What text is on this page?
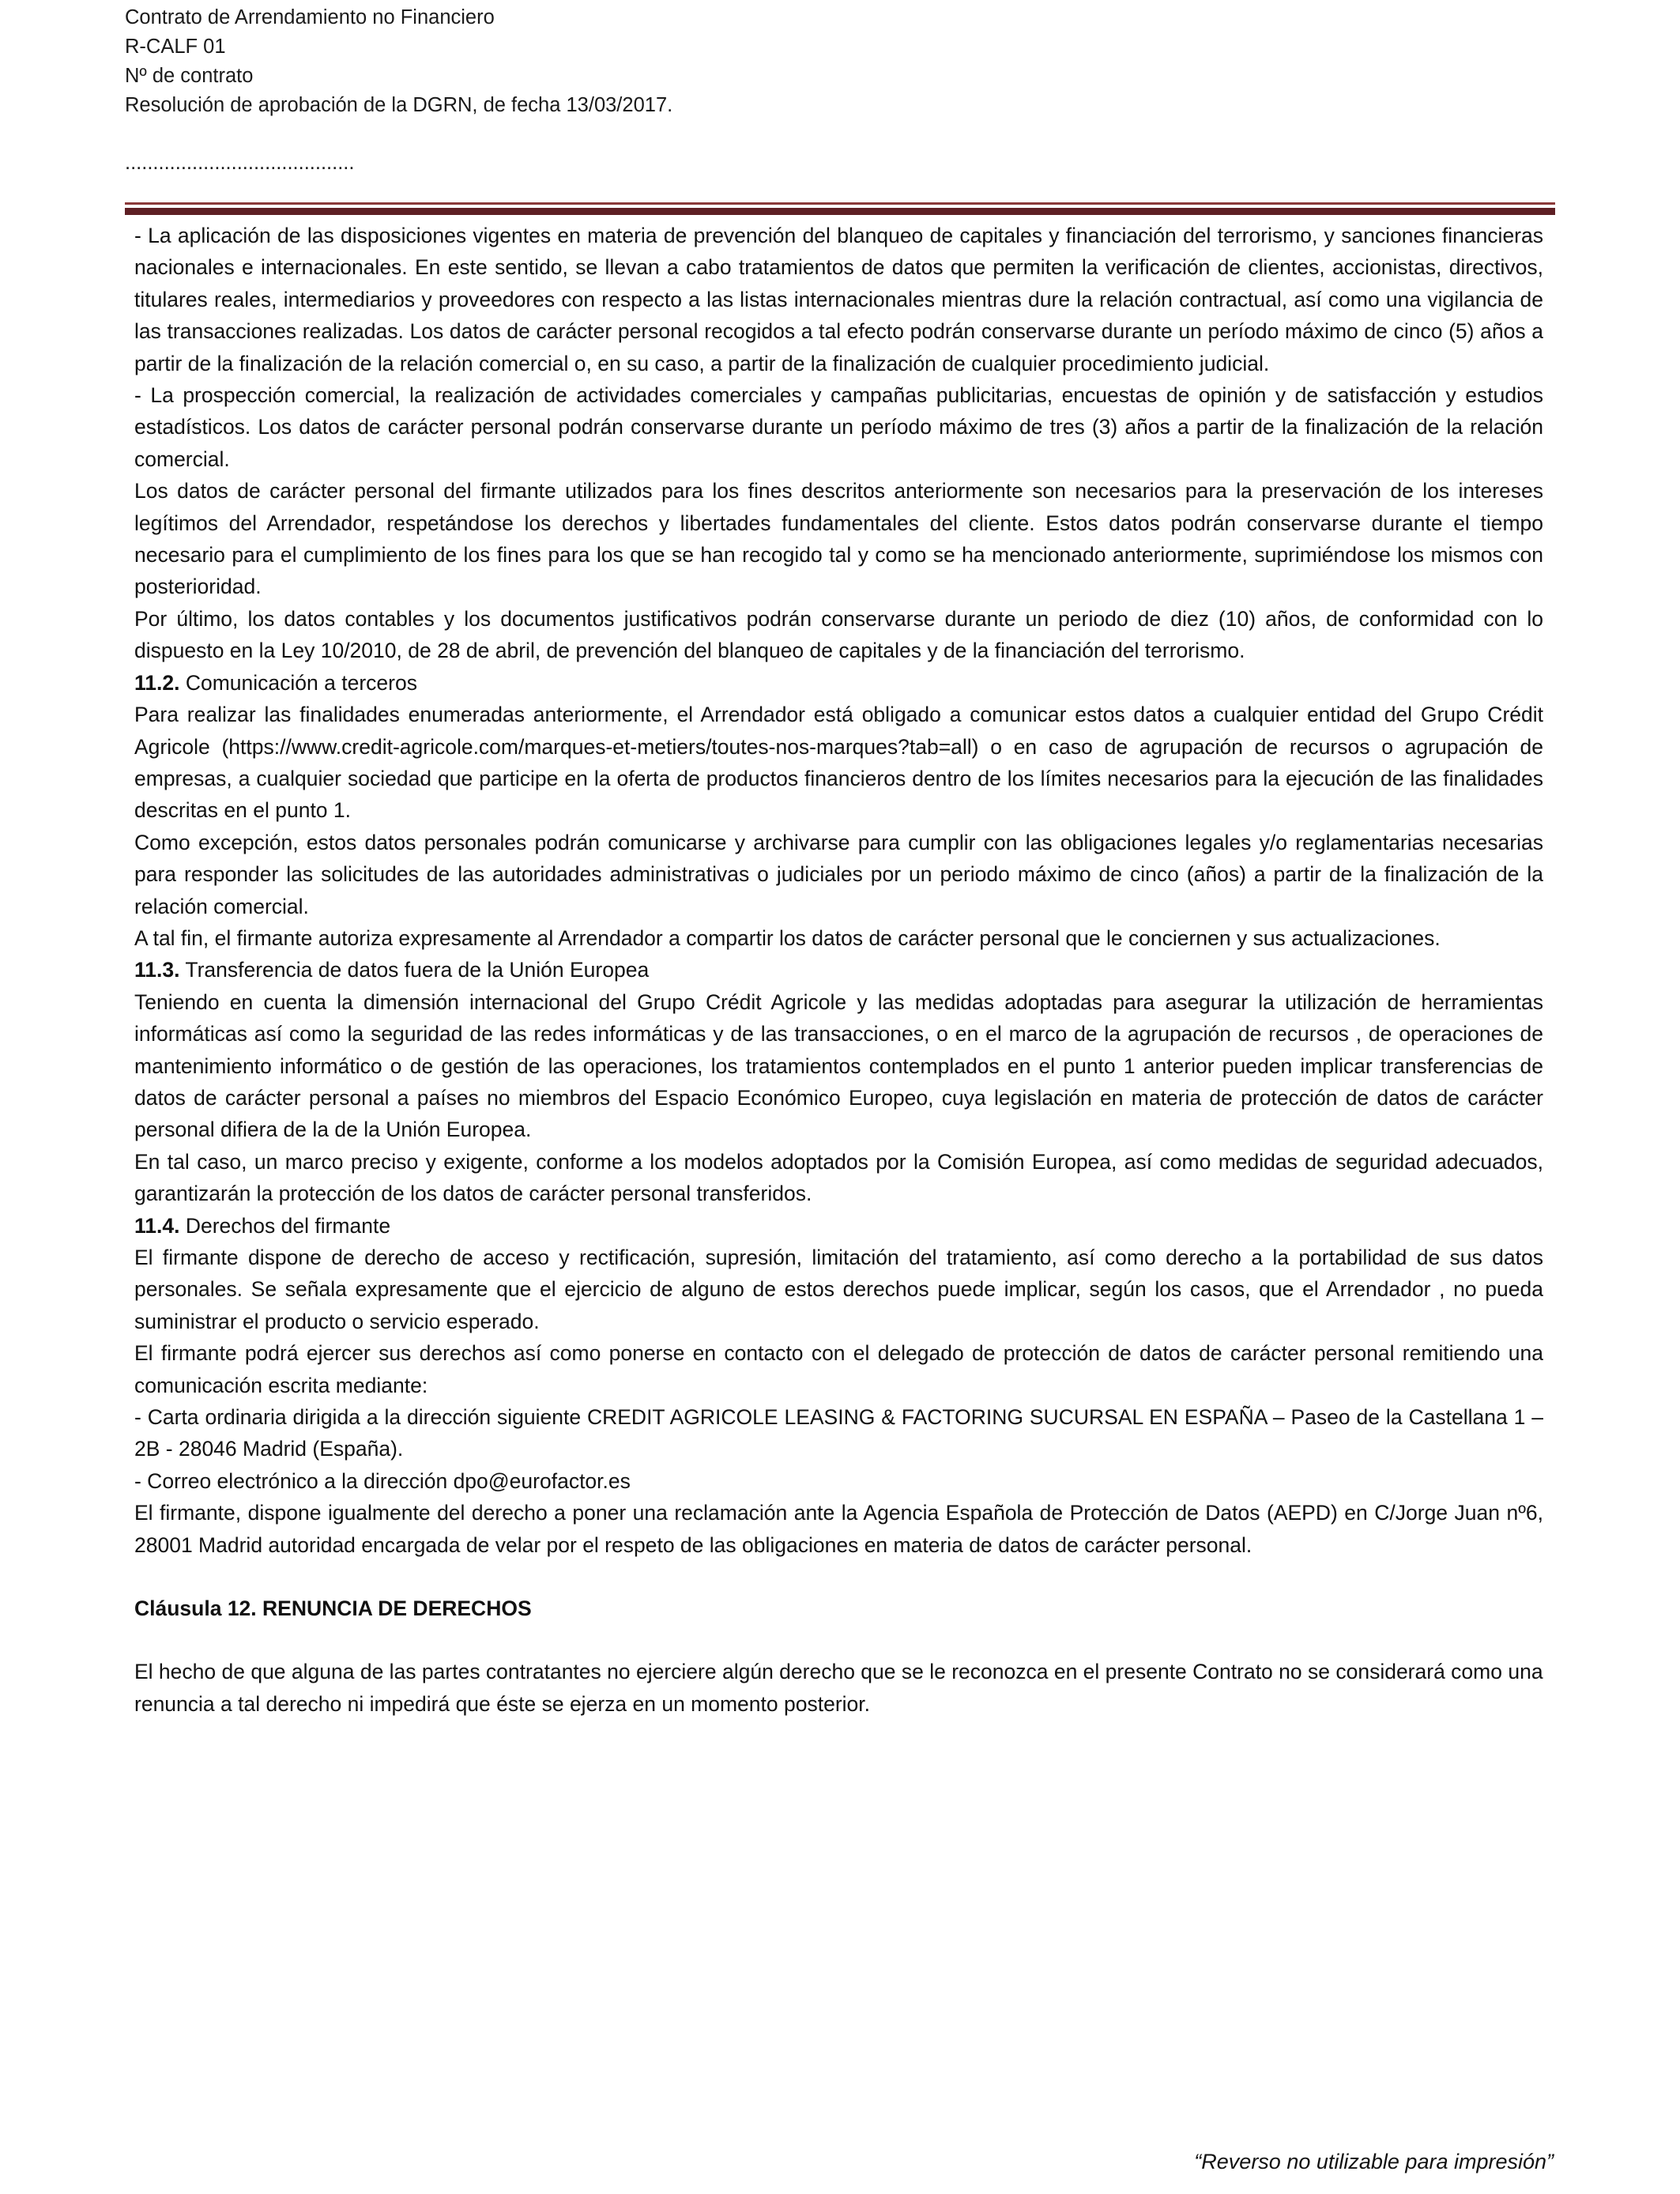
Contrato de Arrendamiento no Financiero
R-CALF 01
Nº de contrato
Resolución de aprobación de la DGRN, de fecha 13/03/2017.
.........................................

- La aplicación de las disposiciones vigentes en materia de prevención del blanqueo de capitales y financiación del terrorismo, y sanciones financieras nacionales e internacionales. En este sentido, se llevan a cabo tratamientos de datos que permiten la verificación de clientes, accionistas, directivos, titulares reales, intermediarios y proveedores con respecto a las listas internacionales mientras dure la relación contractual, así como una vigilancia de las transacciones realizadas. Los datos de carácter personal recogidos a tal efecto podrán conservarse durante un período máximo de cinco (5) años a partir de la finalización de la relación comercial o, en su caso, a partir de la finalización de cualquier procedimiento judicial.

- La prospección comercial, la realización de actividades comerciales y campañas publicitarias, encuestas de opinión y de satisfacción y estudios estadísticos. Los datos de carácter personal podrán conservarse durante un período máximo de tres (3) años a partir de la finalización de la relación comercial.

Los datos de carácter personal del firmante utilizados para los fines descritos anteriormente son necesarios para la preservación de los intereses legítimos del Arrendador, respetándose los derechos y libertades fundamentales del cliente. Estos datos podrán conservarse durante el tiempo necesario para el cumplimiento de los fines para los que se han recogido tal y como se ha mencionado anteriormente, suprimiéndose los mismos con posterioridad.

Por último, los datos contables y los documentos justificativos podrán conservarse durante un periodo de diez (10) años, de conformidad con lo dispuesto en la Ley 10/2010, de 28 de abril, de prevención del blanqueo de capitales y de la financiación del terrorismo.

11.2. Comunicación a terceros

Para realizar las finalidades enumeradas anteriormente, el Arrendador está obligado a comunicar estos datos a cualquier entidad del Grupo Crédit Agricole (https://www.credit-agricole.com/marques-et-metiers/toutes-nos-marques?tab=all) o en caso de agrupación de recursos o agrupación de empresas, a cualquier sociedad que participe en la oferta de productos financieros dentro de los límites necesarios para la ejecución de las finalidades descritas en el punto 1.

Como excepción, estos datos personales podrán comunicarse y archivarse para cumplir con las obligaciones legales y/o reglamentarias necesarias para responder las solicitudes de las autoridades administrativas o judiciales por un periodo máximo de cinco (años) a partir de la finalización de la relación comercial.

A tal fin, el firmante autoriza expresamente al Arrendador a compartir los datos de carácter personal que le conciernen y sus actualizaciones.

11.3. Transferencia de datos fuera de la Unión Europea

Teniendo en cuenta la dimensión internacional del Grupo Crédit Agricole y las medidas adoptadas para asegurar la utilización de herramientas informáticas así como la seguridad de las redes informáticas y de las transacciones, o en el marco de la agrupación de recursos , de operaciones de mantenimiento informático o de gestión de las operaciones, los tratamientos contemplados en el punto 1 anterior pueden implicar transferencias de datos de carácter personal a países no miembros del Espacio Económico Europeo, cuya legislación en materia de protección de datos de carácter personal difiera de la de la Unión Europea.

En tal caso, un marco preciso y exigente, conforme a los modelos adoptados por la Comisión Europea, así como medidas de seguridad adecuados, garantizarán la protección de los datos de carácter personal transferidos.

11.4. Derechos del firmante

El firmante dispone de derecho de acceso y rectificación, supresión, limitación del tratamiento, así como derecho a la portabilidad de sus datos personales. Se señala expresamente que el ejercicio de alguno de estos derechos puede implicar, según los casos, que el Arrendador , no pueda suministrar el producto o servicio esperado.

El firmante podrá ejercer sus derechos así como ponerse en contacto con el delegado de protección de datos de carácter personal remitiendo una comunicación escrita mediante:

- Carta ordinaria dirigida a la dirección siguiente CREDIT AGRICOLE LEASING & FACTORING SUCURSAL EN ESPAÑA – Paseo de la Castellana 1 – 2B - 28046 Madrid (España).

- Correo electrónico a la dirección dpo@eurofactor.es

El firmante, dispone igualmente del derecho a poner una reclamación ante la Agencia Española de Protección de Datos (AEPD) en C/Jorge Juan nº6, 28001 Madrid autoridad encargada de velar por el respeto de las obligaciones en materia de datos de carácter personal.

Cláusula 12. RENUNCIA DE DERECHOS

El hecho de que alguna de las partes contratantes no ejerciere algún derecho que se le reconozca en el presente Contrato no se considerará como una renuncia a tal derecho ni impedirá que éste se ejerza en un momento posterior.

“Reverso no utilizable para impresión”
